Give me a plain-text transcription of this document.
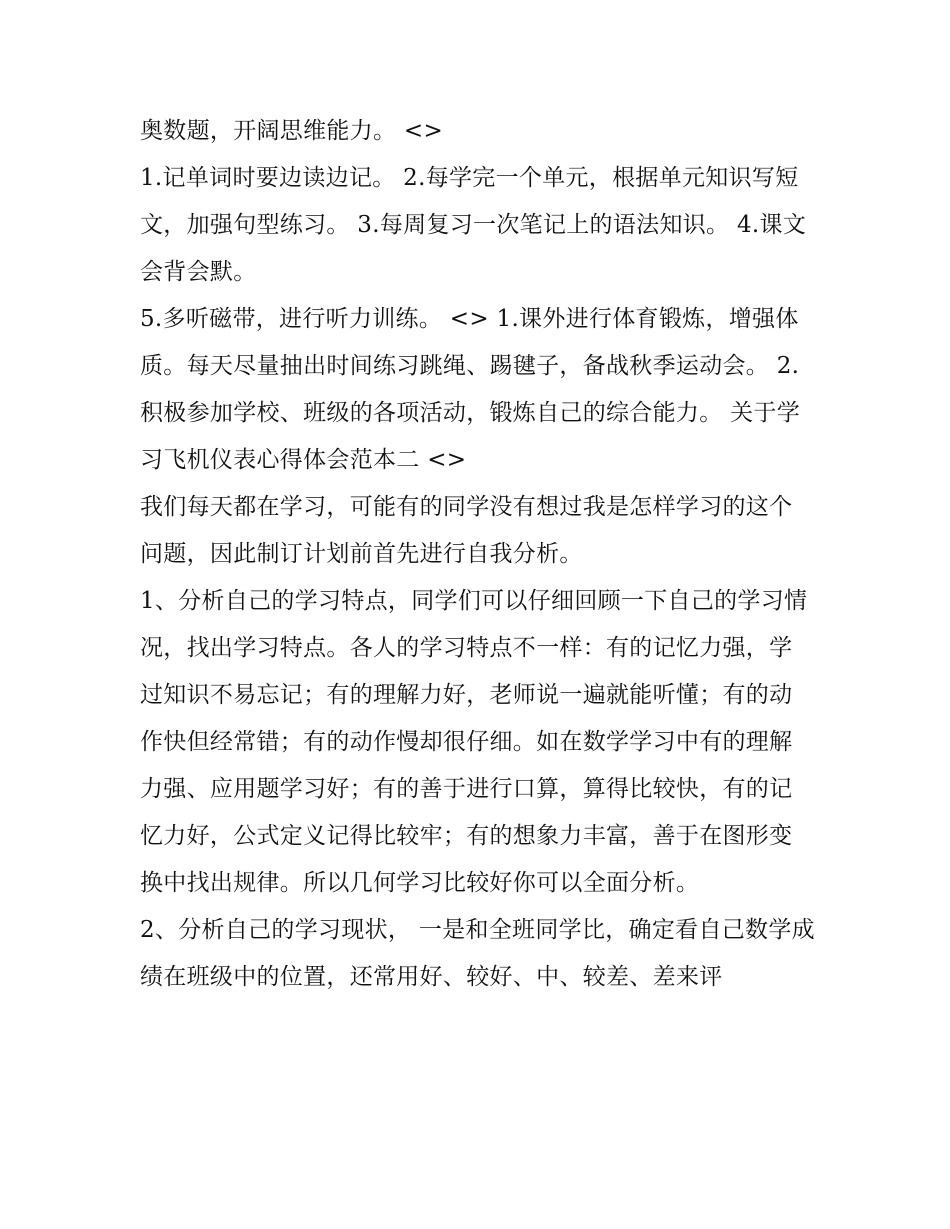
奥数题，开阔思维能力。 <>

1.记单词时要边读边记。 2.每学完一个单元，根据单元知识写短文，加强句型练习。 3.每周复习一次笔记上的语法知识。 4.课文会背会默。

5.多听磁带，进行听力训练。 <> 1.课外进行体育锻炼，增强体质。每天尽量抽出时间练习跳绳、踢毽子，备战秋季运动会。 2.积极参加学校、班级的各项活动，锻炼自己的综合能力。 关于学习飞机仪表心得体会范本二 <>

我们每天都在学习，可能有的同学没有想过我是怎样学习的这个问题，因此制订计划前首先进行自我分析。

1、分析自己的学习特点，同学们可以仔细回顾一下自己的学习情况，找出学习特点。各人的学习特点不一样：有的记忆力强，学过知识不易忘记；有的理解力好，老师说一遍就能听懂；有的动作快但经常错；有的动作慢却很仔细。如在数学学习中有的理解力强、应用题学习好；有的善于进行口算，算得比较快，有的记忆力好，公式定义记得比较牢；有的想象力丰富，善于在图形变换中找出规律。所以几何学习比较好你可以全面分析。

2、分析自己的学习现状， 一是和全班同学比，确定看自己数学成绩在班级中的位置，还常用好、较好、中、较差、差来评
